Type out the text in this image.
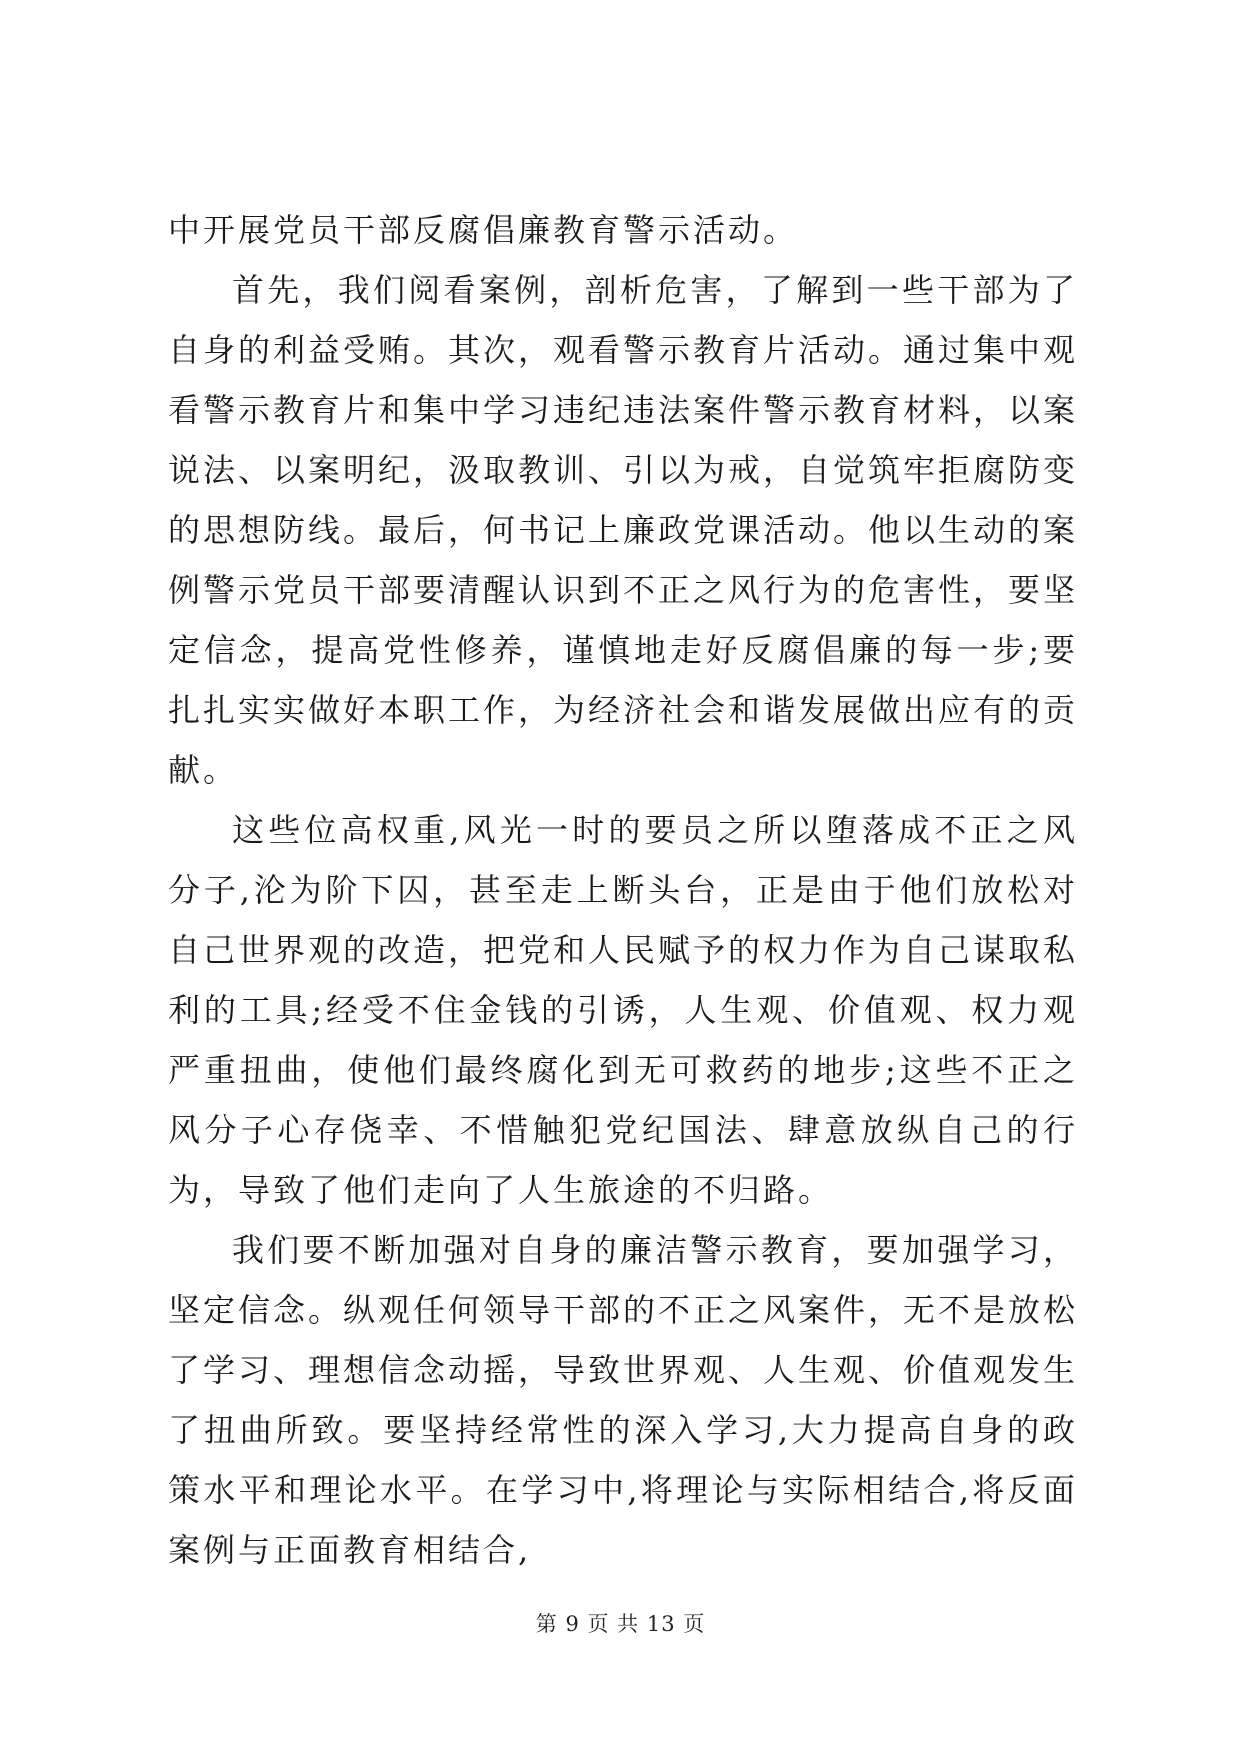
中开展党员干部反腐倡廉教育警示活动。

首先，我们阅看案例，剖析危害，了解到一些干部为了自身的利益受贿。其次，观看警示教育片活动。通过集中观看警示教育片和集中学习违纪违法案件警示教育材料，以案说法、以案明纪，汲取教训、引以为戒，自觉筑牢拒腐防变的思想防线。最后，何书记上廉政党课活动。他以生动的案例警示党员干部要清醒认识到不正之风行为的危害性，要坚定信念，提高党性修养，谨慎地走好反腐倡廉的每一步;要扎扎实实做好本职工作，为经济社会和谐发展做出应有的贡献。

这些位高权重,风光一时的要员之所以堕落成不正之风分子,沦为阶下囚，甚至走上断头台，正是由于他们放松对自己世界观的改造，把党和人民赋予的权力作为自己谋取私利的工具;经受不住金钱的引诱，人生观、价值观、权力观严重扭曲，使他们最终腐化到无可救药的地步;这些不正之风分子心存侥幸、不惜触犯党纪国法、肆意放纵自己的行为，导致了他们走向了人生旅途的不归路。

我们要不断加强对自身的廉洁警示教育，要加强学习，坚定信念。纵观任何领导干部的不正之风案件，无不是放松了学习、理想信念动摇，导致世界观、人生观、价值观发生了扭曲所致。要坚持经常性的深入学习,大力提高自身的政策水平和理论水平。在学习中,将理论与实际相结合,将反面案例与正面教育相结合,

第 9 页 共 13 页
